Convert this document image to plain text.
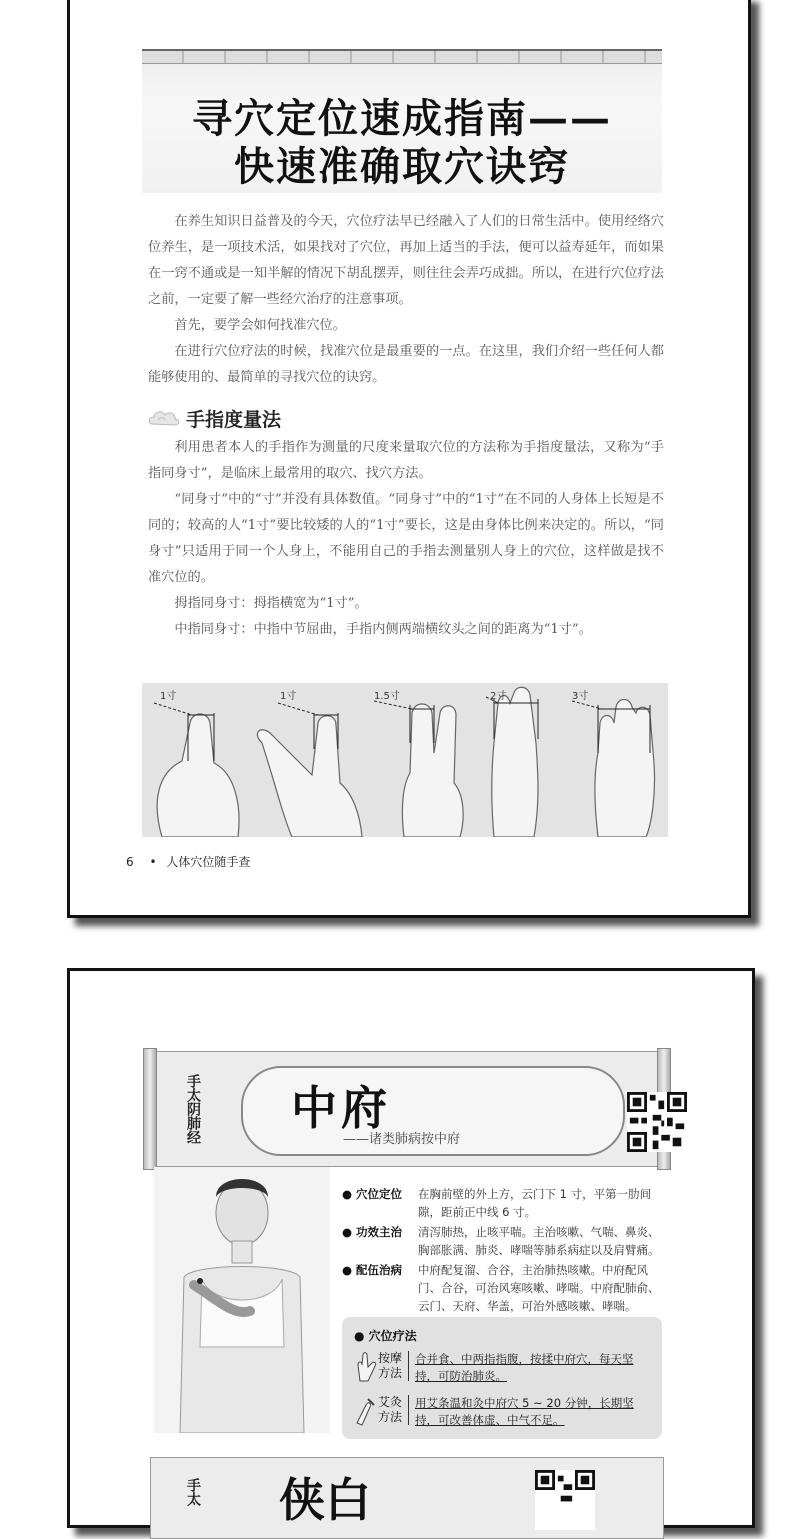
寻穴定位速成指南——
快速准确取穴诀窍

在养生知识日益普及的今天，穴位疗法早已经融入了人们的日常生活中。使用经络穴位养生，是一项技术活，如果找对了穴位，再加上适当的手法，便可以益寿延年，而如果在一窍不通或是一知半解的情况下胡乱摆弄，则往往会弄巧成拙。所以，在进行穴位疗法之前，一定要了解一些经穴治疗的注意事项。

首先，要学会如何找准穴位。

在进行穴位疗法的时候，找准穴位是最重要的一点。在这里，我们介绍一些任何人都能够使用的、最简单的寻找穴位的诀窍。

手指度量法

利用患者本人的手指作为测量的尺度来量取穴位的方法称为手指度量法，又称为“手指同身寸”，是临床上最常用的取穴、找穴方法。

“同身寸”中的“寸”并没有具体数值。“同身寸”中的“1寸”在不同的人身体上长短是不同的；较高的人“1寸”要比较矮的人的“1寸”要长，这是由身体比例来决定的。所以，“同身寸”只适用于同一个人身上，不能用自己的手指去测量别人身上的穴位，这样做是找不准穴位的。

拇指同身寸：拇指横宽为“1寸”。

中指同身寸：中指中节屈曲，手指内侧两端横纹头之间的距离为“1寸”。

1寸	1寸	1.5寸	2寸	3寸
6 • 人体穴位随手查
手太阴肺经 中府
——诸类肺病按中府
● 穴位定位	在胸前壁的外上方，云门下 1 寸，平第一肋间隙，距前正中线 6 寸。
● 功效主治	清泻肺热，止咳平喘。主治咳嗽、气喘、鼻炎、胸部胀满、肺炎、哮喘等肺系病症以及肩臂痛。
● 配伍治病	中府配复溜、合谷，主治肺热咳嗽。中府配风门、合谷，可治风寒咳嗽、哮喘。中府配肺俞、云门、天府、华盖，可治外感咳嗽、哮喘。
● 穴位疗法
按摩方法
合并食、中两指指腹，按揉中府穴，每天坚持，可防治肺炎。
艾灸方法
用艾条温和灸中府穴 5 ~ 20 分钟，长期坚持，可改善体虚、中气不足。
手太 侠白
